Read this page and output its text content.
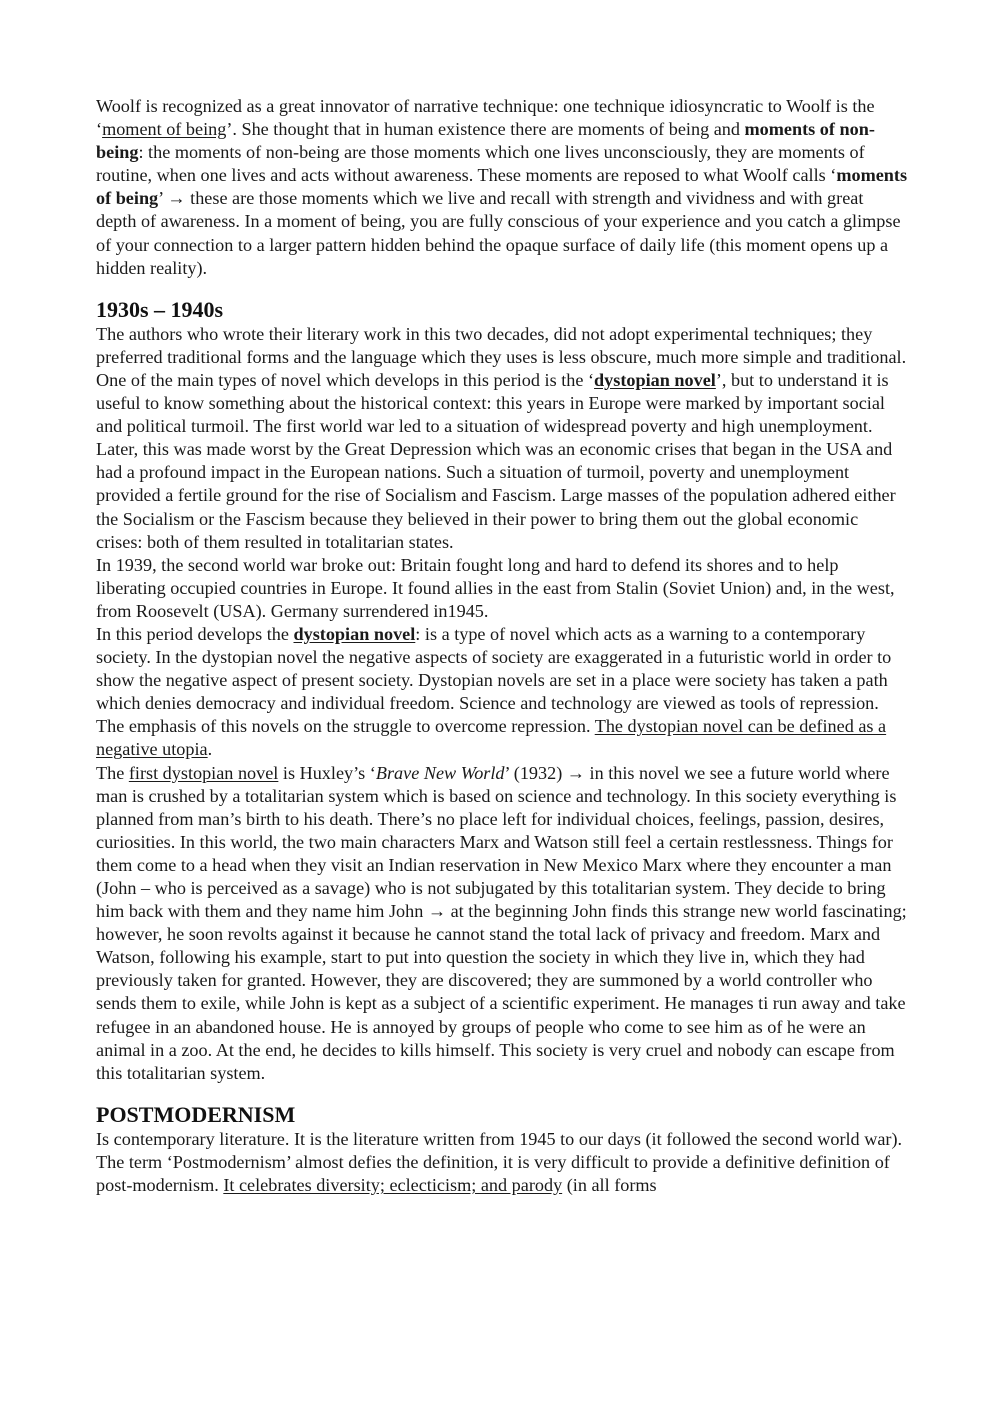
Woolf is recognized as a great innovator of narrative technique: one technique idiosyncratic to Woolf is the ‘moment of being’. She thought that in human existence there are moments of being and moments of non-being: the moments of non-being are those moments which one lives unconsciously, they are moments of routine, when one lives and acts without awareness. These moments are reposed to what Woolf calls ‘moments of being’ → these are those moments which we live and recall with strength and vividness and with great depth of awareness. In a moment of being, you are fully conscious of your experience and you catch a glimpse of your connection to a larger pattern hidden behind the opaque surface of daily life (this moment opens up a hidden reality).

1930s – 1940s

The authors who wrote their literary work in this two decades, did not adopt experimental techniques; they preferred traditional forms and the language which they uses is less obscure, much more simple and traditional.

One of the main types of novel which develops in this period is the ‘dystopian novel’, but to understand it is useful to know something about the historical context: this years in Europe were marked by important social and political turmoil. The first world war led to a situation of widespread poverty and high unemployment. Later, this was made worst by the Great Depression which was an economic crises that began in the USA and had a profound impact in the European nations. Such a situation of turmoil, poverty and unemployment provided a fertile ground for the rise of Socialism and Fascism. Large masses of the population adhered either the Socialism or the Fascism because they believed in their power to bring them out the global economic crises: both of them resulted in totalitarian states.

In 1939, the second world war broke out: Britain fought long and hard to defend its shores and to help liberating occupied countries in Europe. It found allies in the east from Stalin (Soviet Union) and, in the west, from Roosevelt (USA). Germany surrendered in1945.

In this period develops the dystopian novel: is a type of novel which acts as a warning to a contemporary society. In the dystopian novel the negative aspects of society are exaggerated in a futuristic world in order to show the negative aspect of present society. Dystopian novels are set in a place were society has taken a path which denies democracy and individual freedom. Science and technology are viewed as tools of repression. The emphasis of this novels on the struggle to overcome repression. The dystopian novel can be defined as a negative utopia.

The first dystopian novel is Huxley’s ‘Brave New World’ (1932) → in this novel we see a future world where man is crushed by a totalitarian system which is based on science and technology. In this society everything is planned from man’s birth to his death. There’s no place left for individual choices, feelings, passion, desires, curiosities. In this world, the two main characters Marx and Watson still feel a certain restlessness. Things for them come to a head when they visit an Indian reservation in New Mexico Marx where they encounter a man (John – who is perceived as a savage) who is not subjugated by this totalitarian system. They decide to bring him back with them and they name him John → at the beginning John finds this strange new world fascinating; however, he soon revolts against it because he cannot stand the total lack of privacy and freedom. Marx and Watson, following his example, start to put into question the society in which they live in, which they had previously taken for granted. However, they are discovered; they are summoned by a world controller who sends them to exile, while John is kept as a subject of a scientific experiment. He manages ti run away and take refugee in an abandoned house. He is annoyed by groups of people who come to see him as of he were an animal in a zoo. At the end, he decides to kills himself. This society is very cruel and nobody can escape from this totalitarian system.

POSTMODERNISM

Is contemporary literature. It is the literature written from 1945 to our days (it followed the second world war). The term ‘Postmodernism’ almost defies the definition, it is very difficult to provide a definitive definition of post-modernism. It celebrates diversity; eclecticism; and parody (in all forms
